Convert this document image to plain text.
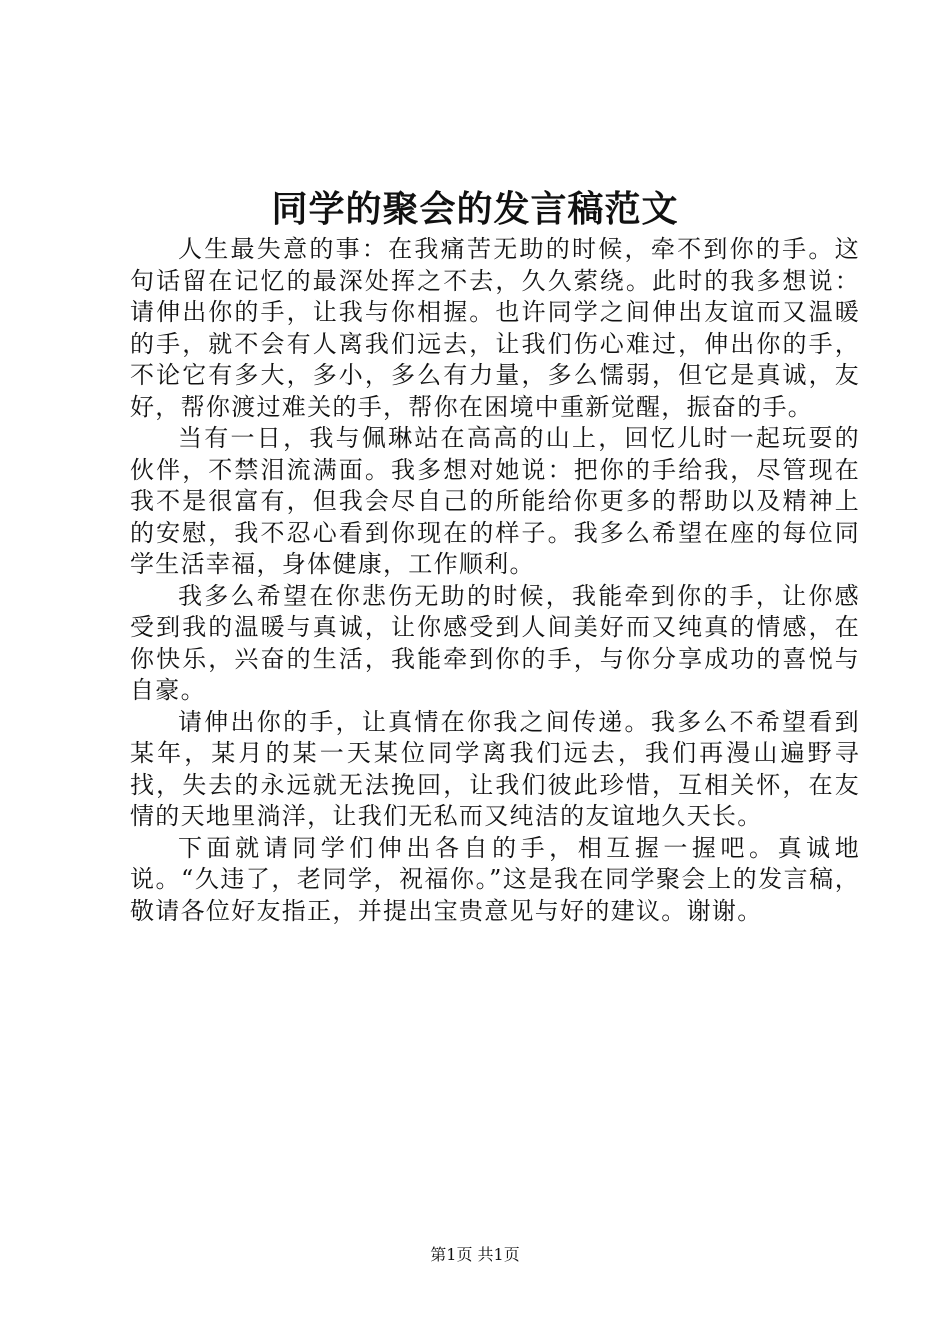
同学的聚会的发言稿范文

人生最失意的事：在我痛苦无助的时候，牵不到你的手。这句话留在记忆的最深处挥之不去，久久萦绕。此时的我多想说：请伸出你的手，让我与你相握。也许同学之间伸出友谊而又温暖的手，就不会有人离我们远去，让我们伤心难过，伸出你的手，不论它有多大，多小，多么有力量，多么懦弱，但它是真诚，友好，帮你渡过难关的手，帮你在困境中重新觉醒，振奋的手。

当有一日，我与佩琳站在高高的山上，回忆儿时一起玩耍的伙伴，不禁泪流满面。我多想对她说：把你的手给我，尽管现在我不是很富有，但我会尽自己的所能给你更多的帮助以及精神上的安慰，我不忍心看到你现在的样子。我多么希望在座的每位同学生活幸福，身体健康，工作顺利。

我多么希望在你悲伤无助的时候，我能牵到你的手，让你感受到我的温暖与真诚，让你感受到人间美好而又纯真的情感，在你快乐，兴奋的生活，我能牵到你的手，与你分享成功的喜悦与自豪。

请伸出你的手，让真情在你我之间传递。我多么不希望看到某年，某月的某一天某位同学离我们远去，我们再漫山遍野寻找，失去的永远就无法挽回，让我们彼此珍惜，互相关怀，在友情的天地里淌洋，让我们无私而又纯洁的友谊地久天长。

下面就请同学们伸出各自的手，相互握一握吧。真诚地说。“久违了，老同学，祝福你。”这是我在同学聚会上的发言稿，敬请各位好友指正，并提出宝贵意见与好的建议。谢谢。

第1页 共1页
